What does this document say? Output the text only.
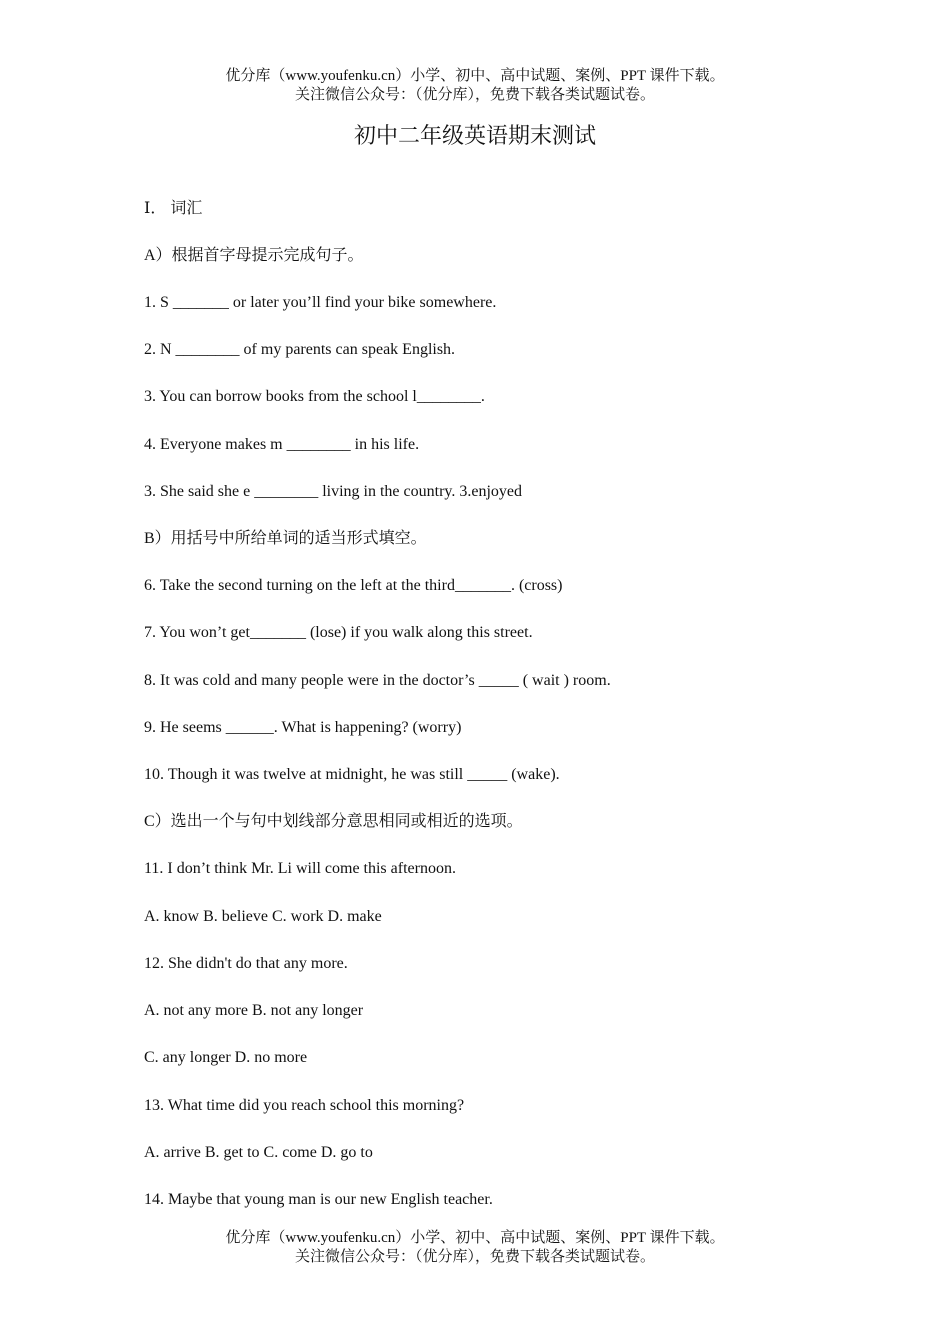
优分库（www.youfenku.cn）小学、初中、高中试题、案例、PPT 课件下载。
关注微信公众号：（优分库），免费下载各类试题试卷。
初中二年级英语期末测试
Ⅰ． 词汇
A）根据首字母提示完成句子。
1. S _______ or later you’ll find your bike somewhere.
2. N ________ of my parents can speak English.
3. You can borrow books from the school l________.
4. Everyone makes m ________ in his life.
3. She said she e ________ living in the country. 3.enjoyed
B）用括号中所给单词的适当形式填空。
6. Take the second turning on the left at the third_______. (cross)
7. You won’t get_______ (lose) if you walk along this street.
8. It was cold and many people were in the doctor’s _____ ( wait ) room.
9. He seems ______. What is happening? (worry)
10. Though it was twelve at midnight, he was still _____ (wake).
C）选出一个与句中划线部分意思相同或相近的选项。
11. I don’t think Mr. Li will come this afternoon.
A. know B. believe C. work D. make
12. She didn't do that any more.
A. not any more B. not any longer
C. any longer D. no more
13. What time did you reach school this morning?
A. arrive B. get to C. come D. go to
14. Maybe that young man is our new English teacher.
优分库（www.youfenku.cn）小学、初中、高中试题、案例、PPT 课件下载。
关注微信公众号：（优分库），免费下载各类试题试卷。
